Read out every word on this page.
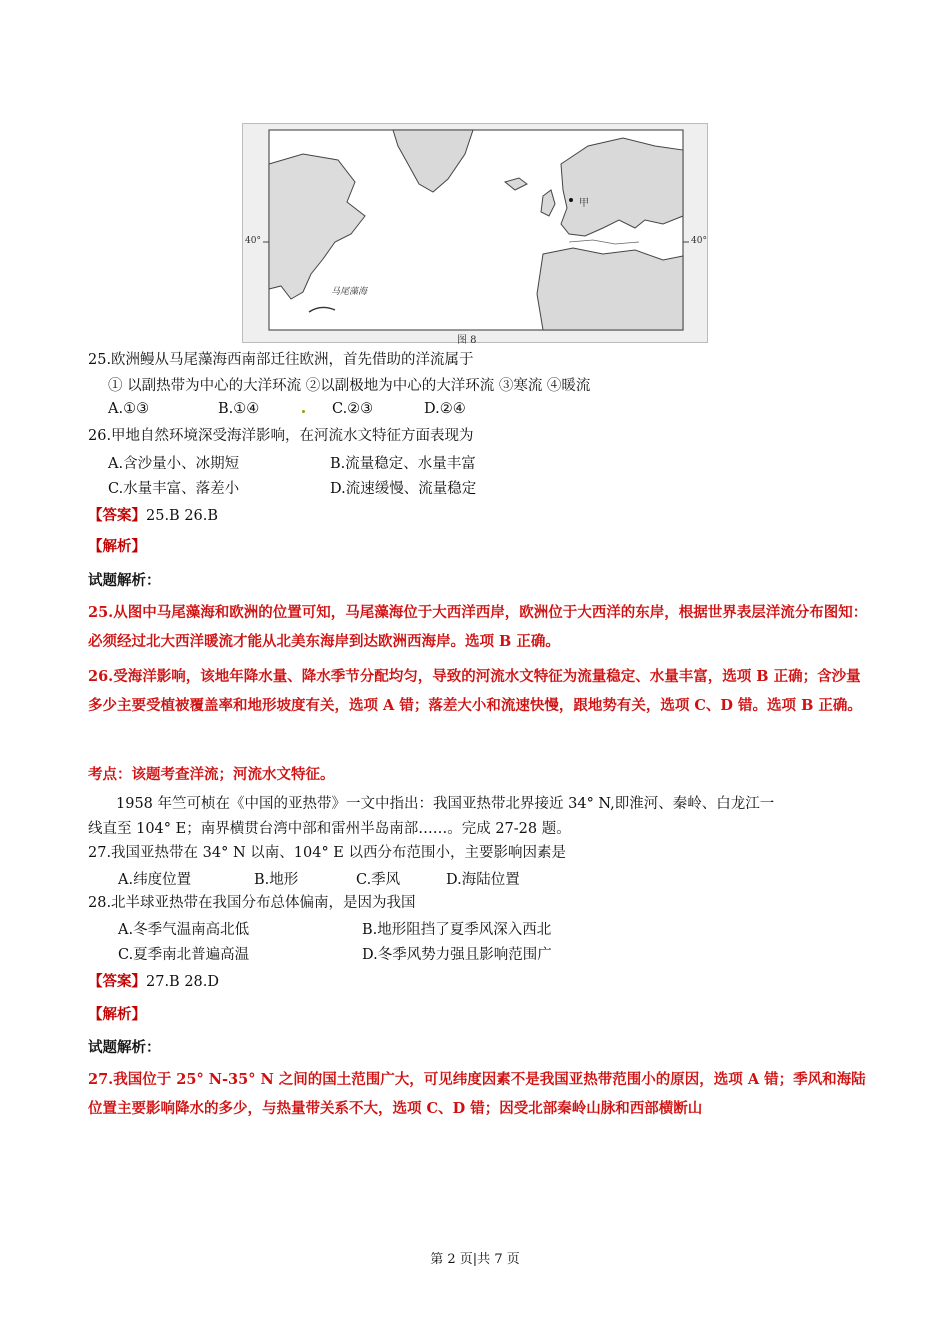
40°	40°
马尾藻海
甲
图 8
25.欧洲鳗从马尾藻海西南部迁往欧洲，首先借助的洋流属于
① 以副热带为中心的大洋环流 ②以副极地为中心的大洋环流 ③寒流 ④暖流
A.①③	B.①④	C.②③	D.②④
26.甲地自然环境深受海洋影响，在河流水文特征方面表现为
A.含沙量小、冰期短	B.流量稳定、水量丰富
C.水量丰富、落差小	D.流速缓慢、流量稳定
【答案】25.B 26.B
【解析】
试题解析：
25.从图中马尾藻海和欧洲的位置可知，马尾藻海位于大西洋西岸，欧洲位于大西洋的东岸，根据世界表层洋流分布图知：必须经过北大西洋暖流才能从北美东海岸到达欧洲西海岸。选项 B 正确。
26.受海洋影响，该地年降水量、降水季节分配均匀，导致的河流水文特征为流量稳定、水量丰富，选项 B 正确；含沙量多少主要受植被覆盖率和地形坡度有关，选项 A 错；落差大小和流速快慢，跟地势有关，选项 C、D 错。选项 B 正确。
考点：该题考查洋流；河流水文特征。
1958 年竺可桢在《中国的亚热带》一文中指出：我国亚热带北界接近 34° N,即淮河、秦岭、白龙江一
线直至 104° E；南界横贯台湾中部和雷州半岛南部……。完成 27-28 题。
27.我国亚热带在 34° N 以南、104° E 以西分布范围小，主要影响因素是
A.纬度位置	B.地形	C.季风	D.海陆位置
28.北半球亚热带在我国分布总体偏南，是因为我国
A.冬季气温南高北低	B.地形阻挡了夏季风深入西北
C.夏季南北普遍高温	D.冬季风势力强且影响范围广
【答案】27.B 28.D
【解析】
试题解析：
27.我国位于 25° N-35° N 之间的国土范围广大，可见纬度因素不是我国亚热带范围小的原因，选项 A 错；季风和海陆位置主要影响降水的多少，与热量带关系不大，选项 C、D 错；因受北部秦岭山脉和西部横断山
第 2 页|共 7 页
